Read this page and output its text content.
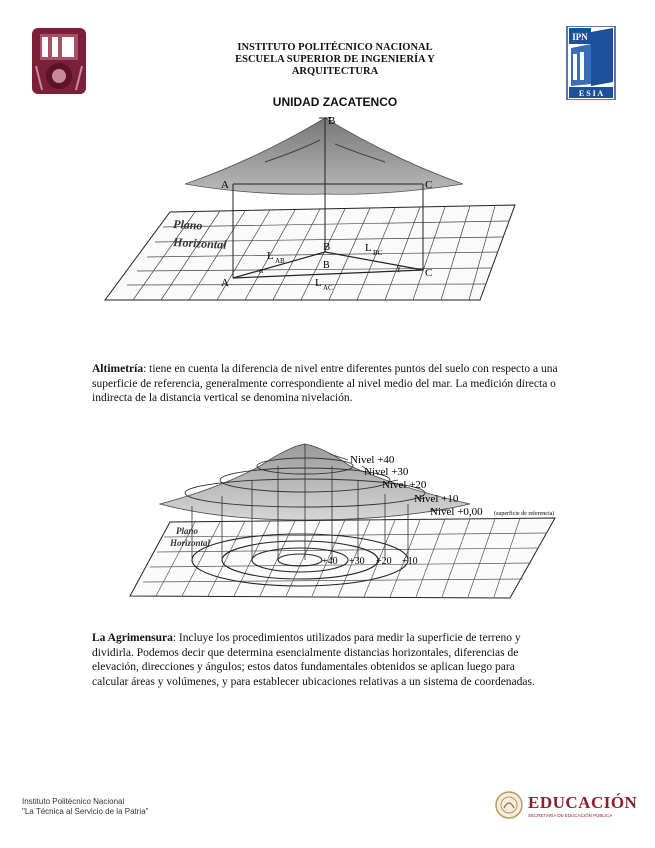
IPN
E S I A
INSTITUTO POLITÉCNICO NACIONAL
ESCUELA SUPERIOR DE INGENIERÍA Y
ARQUITECTURA
UNIDAD ZACATENCO
B
A	C
Plano
Horizontal
A
B
B
C
L AB
L BC
L AC
α	γ
Altimetría: tiene en cuenta la diferencia de nivel entre diferentes puntos del suelo con respecto a una superficie de referencia, generalmente correspondiente al nivel medio del mar. La medición directa o indirecta de la distancia vertical se denomina nivelación.
Nivel +40
Nivel +30
Nivel +20
Nivel +10
Nivel +0,00 (superficie de referencia)
Plano
Horizontal
+40 +30 +20 +10
La Agrimensura: Incluye los procedimientos utilizados para medir la superficie de terreno y dividirla. Podemos decir que determina esencialmente distancias horizontales, diferencias de elevación, direcciones y ángulos; estos datos fundamentales obtenidos se aplican luego para calcular áreas y volúmenes, y para establecer ubicaciones relativas a un sistema de coordenadas.
Instituto Politécnico Nacional
"La Técnica al Servicio de la Patria"	EDUCACIÓN
SECRETARÍA DE EDUCACIÓN PÚBLICA
